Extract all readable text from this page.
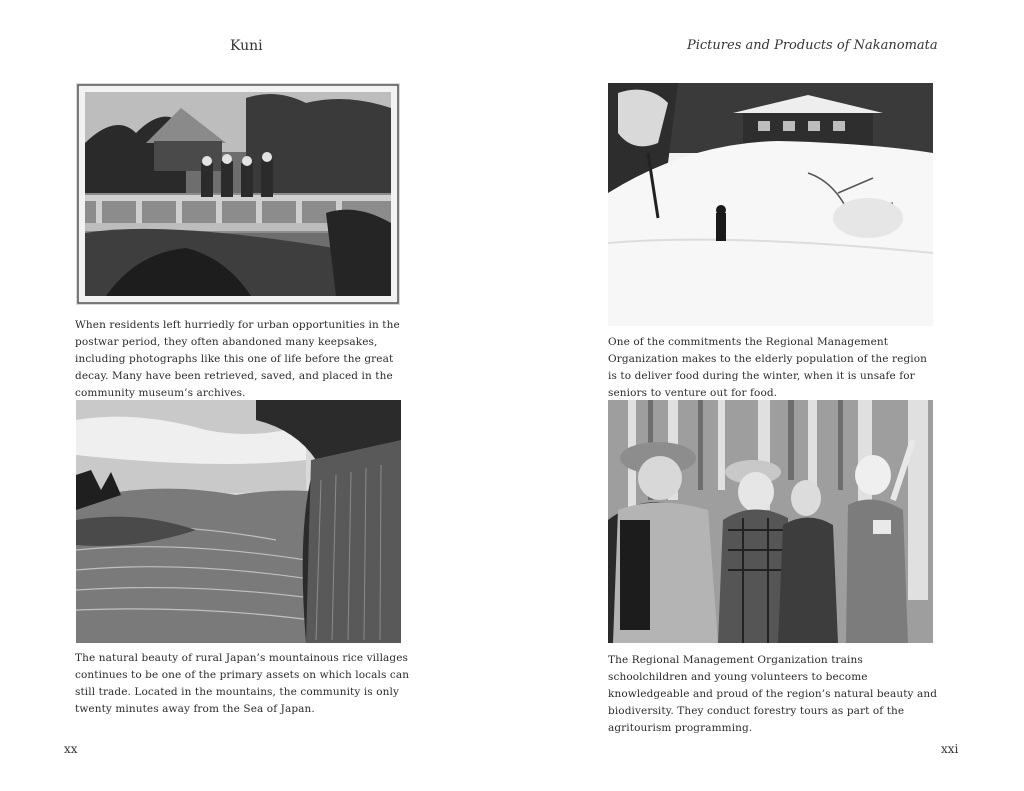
Kuni	Pictures and Products of Nakanomata
When residents left hurriedly for urban opportunities in the postwar period, they often abandoned many keepsakes, including photographs like this one of life before the great decay. Many have been retrieved, saved, and placed in the community museum’s archives.
One of the commitments the Regional Management Organization makes to the elderly population of the region is to deliver food during the winter, when it is unsafe for seniors to venture out for food.
The natural beauty of rural Japan’s mountainous rice villages continues to be one of the primary assets on which locals can still trade. Located in the mountains, the community is only twenty minutes away from the Sea of Japan.
The Regional Management Organization trains schoolchildren and young volunteers to become knowledgeable and proud of the region’s natural beauty and biodiversity. They conduct forestry tours as part of the agritourism programming.
xx	xxi
